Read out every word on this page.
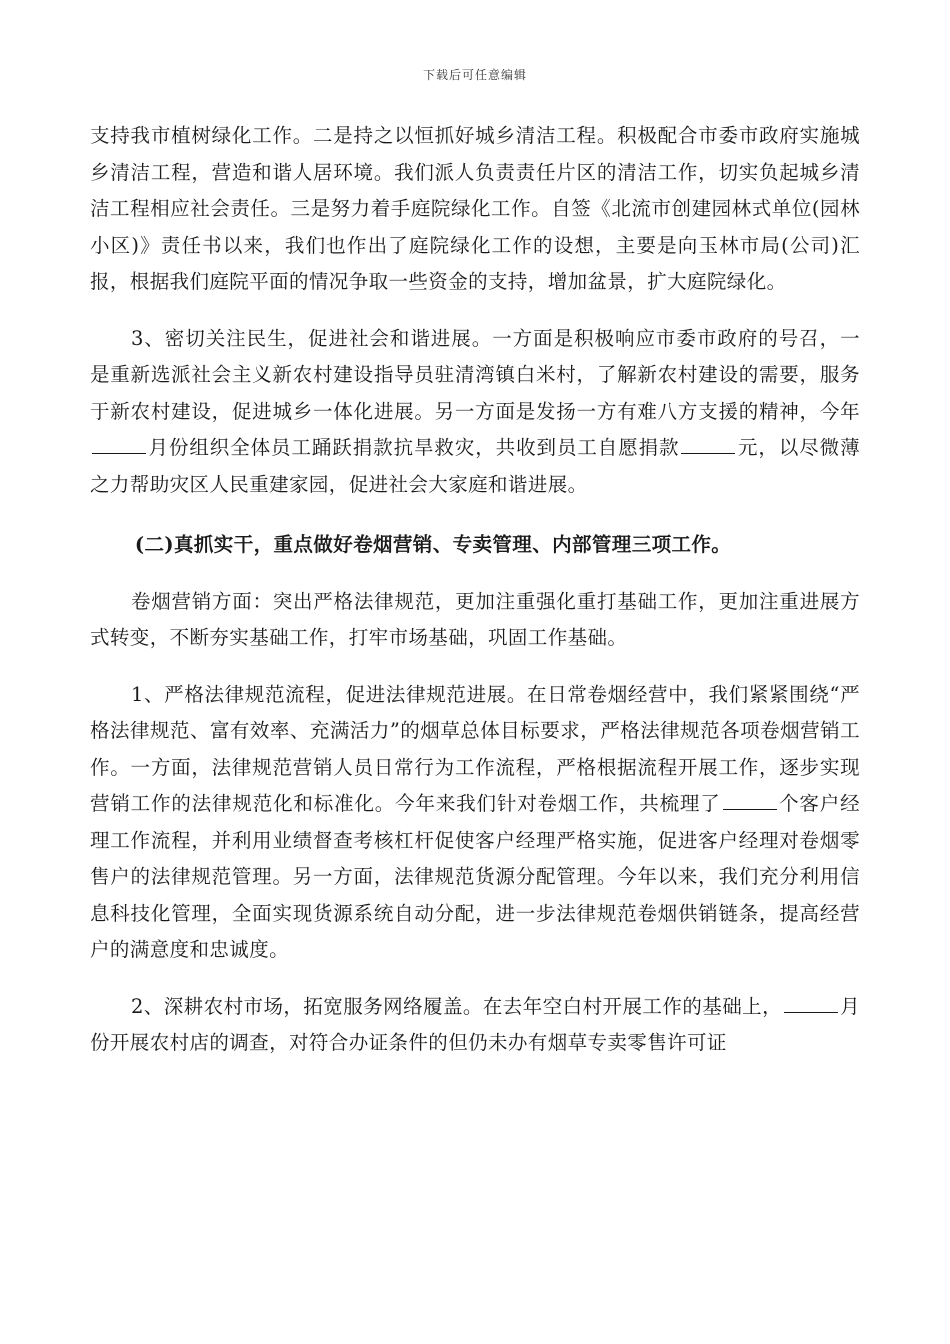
下载后可任意编辑

支持我市植树绿化工作。二是持之以恒抓好城乡清洁工程。积极配合市委市政府实施城乡清洁工程，营造和谐人居环境。我们派人负责责任片区的清洁工作，切实负起城乡清洁工程相应社会责任。三是努力着手庭院绿化工作。自签《北流市创建园林式单位(园林小区)》责任书以来，我们也作出了庭院绿化工作的设想，主要是向玉林市局(公司)汇报，根据我们庭院平面的情况争取一些资金的支持，增加盆景，扩大庭院绿化。

3、密切关注民生，促进社会和谐进展。一方面是积极响应市委市政府的号召，一是重新选派社会主义新农村建设指导员驻清湾镇白米村，了解新农村建设的需要，服务于新农村建设，促进城乡一体化进展。另一方面是发扬一方有难八方支援的精神，今年月份组织全体员工踊跃捐款抗旱救灾，共收到员工自愿捐款	元，以尽微薄之力帮助灾区人民重建家园，促进社会大家庭和谐进展。

(二)真抓实干，重点做好卷烟营销、专卖管理、内部管理三项工作。

卷烟营销方面：突出严格法律规范，更加注重强化重打基础工作，更加注重进展方式转变，不断夯实基础工作，打牢市场基础，巩固工作基础。

1、严格法律规范流程，促进法律规范进展。在日常卷烟经营中，我们紧紧围绕“严格法律规范、富有效率、充满活力”的烟草总体目标要求，严格法律规范各项卷烟营销工作。一方面，法律规范营销人员日常行为工作流程，严格根据流程开展工作，逐步实现营销工作的法律规范化和标准化。今年来我们针对卷烟工作，共梳理了	个客户经理工作流程，并利用业绩督查考核杠杆促使客户经理严格实施，促进客户经理对卷烟零售户的法律规范管理。另一方面，法律规范货源分配管理。今年以来，我们充分利用信息科技化管理，全面实现货源系统自动分配，进一步法律规范卷烟供销链条，提高经营户的满意度和忠诚度。

2、深耕农村市场，拓宽服务网络履盖。在去年空白村开展工作的基础上，	月份开展农村店的调查，对符合办证条件的但仍未办有烟草专卖零售许可证
